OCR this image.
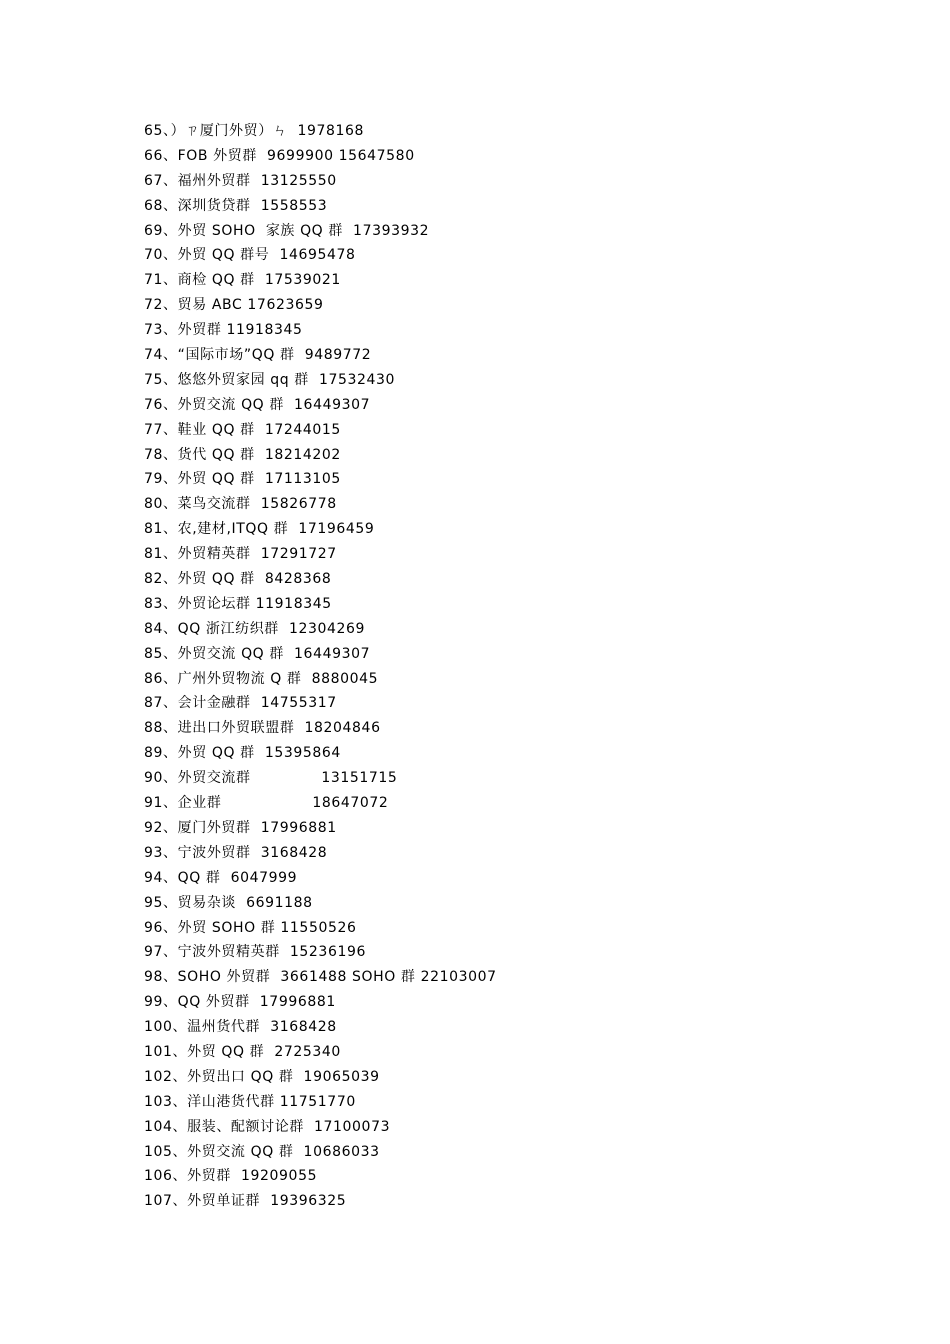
65、）ㄗ厦门外贸）ㄣ  1978168
66、FOB 外贸群  9699900 15647580
67、福州外贸群  13125550
68、深圳货贷群  1558553
69、外贸 SOHO  家族 QQ 群  17393932
70、外贸 QQ 群号  14695478
71、商检 QQ 群  17539021
72、贸易 ABC 17623659
73、外贸群 11918345
74、“国际市场”QQ 群  9489772
75、悠悠外贸家园 qq 群  17532430
76、外贸交流 QQ 群  16449307
77、鞋业 QQ 群  17244015
78、货代 QQ 群  18214202
79、外贸 QQ 群  17113105
80、菜鸟交流群  15826778
81、农,建材,ITQQ 群  17196459
81、外贸精英群  17291727
82、外贸 QQ 群  8428368
83、外贸论坛群 11918345
84、QQ 浙江纺织群  12304269
85、外贸交流 QQ 群  16449307
86、广州外贸物流 Q 群  8880045
87、会计金融群  14755317
88、进出口外贸联盟群  18204846
89、外贸 QQ 群  15395864
90、外贸交流群              13151715
91、企业群                  18647072
92、厦门外贸群  17996881
93、宁波外贸群  3168428
94、QQ 群  6047999
95、贸易杂谈  6691188
96、外贸 SOHO 群 11550526
97、宁波外贸精英群  15236196
98、SOHO 外贸群  3661488 SOHO 群 22103007
99、QQ 外贸群  17996881
100、温州货代群  3168428
101、外贸 QQ 群  2725340
102、外贸出口 QQ 群  19065039
103、洋山港货代群 11751770
104、服装、配额讨论群  17100073
105、外贸交流 QQ 群  10686033
106、外贸群  19209055
107、外贸单证群  19396325
